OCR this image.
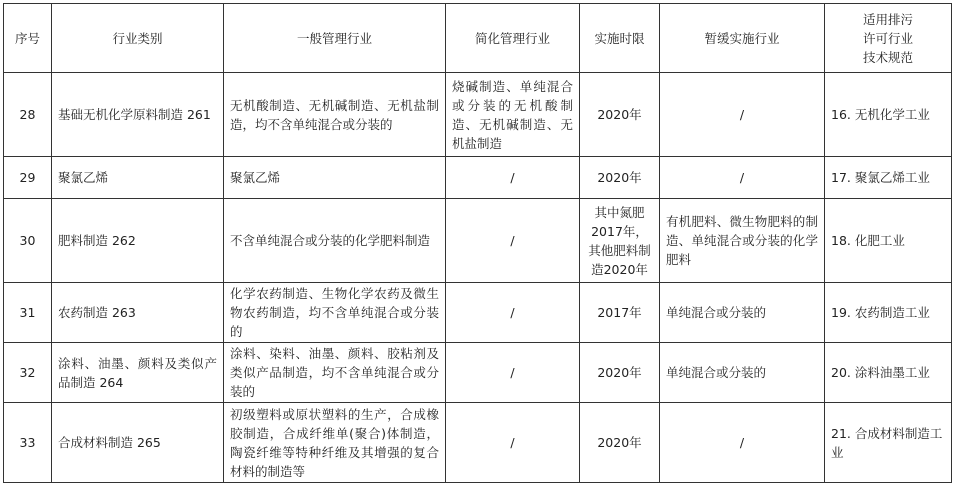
序号	行业类别	一般管理行业	简化管理行业	实施时限	暂缓实施行业	适用排污
许可行业
技术规范
28	基础无机化学原料制造 261	无机酸制造、无机碱制造、无机盐制造，均不含单纯混合或分装的	烧碱制造、单纯混合或分装的无机酸制造、无机碱制造、无机盐制造	2020年	/	16. 无机化学工业
29	聚氯乙烯	聚氯乙烯	/	2020年	/	17. 聚氯乙烯工业
30	肥料制造 262	不含单纯混合或分装的化学肥料制造	/	其中氮肥2017年，其他肥料制造2020年	有机肥料、微生物肥料的制造、单纯混合或分装的化学肥料	18. 化肥工业
31	农药制造 263	化学农药制造、生物化学农药及微生物农药制造，均不含单纯混合或分装的	/	2017年	单纯混合或分装的	19. 农药制造工业
32	涂料、油墨、颜料及类似产品制造 264	涂料、染料、油墨、颜料、胶粘剂及类似产品制造，均不含单纯混合或分装的	/	2020年	单纯混合或分装的	20. 涂料油墨工业
33	合成材料制造 265	初级塑料或原状塑料的生产，合成橡胶制造，合成纤维单(聚合)体制造，陶瓷纤维等特种纤维及其增强的复合材料的制造等	/	2020年	/	21. 合成材料制造工业
